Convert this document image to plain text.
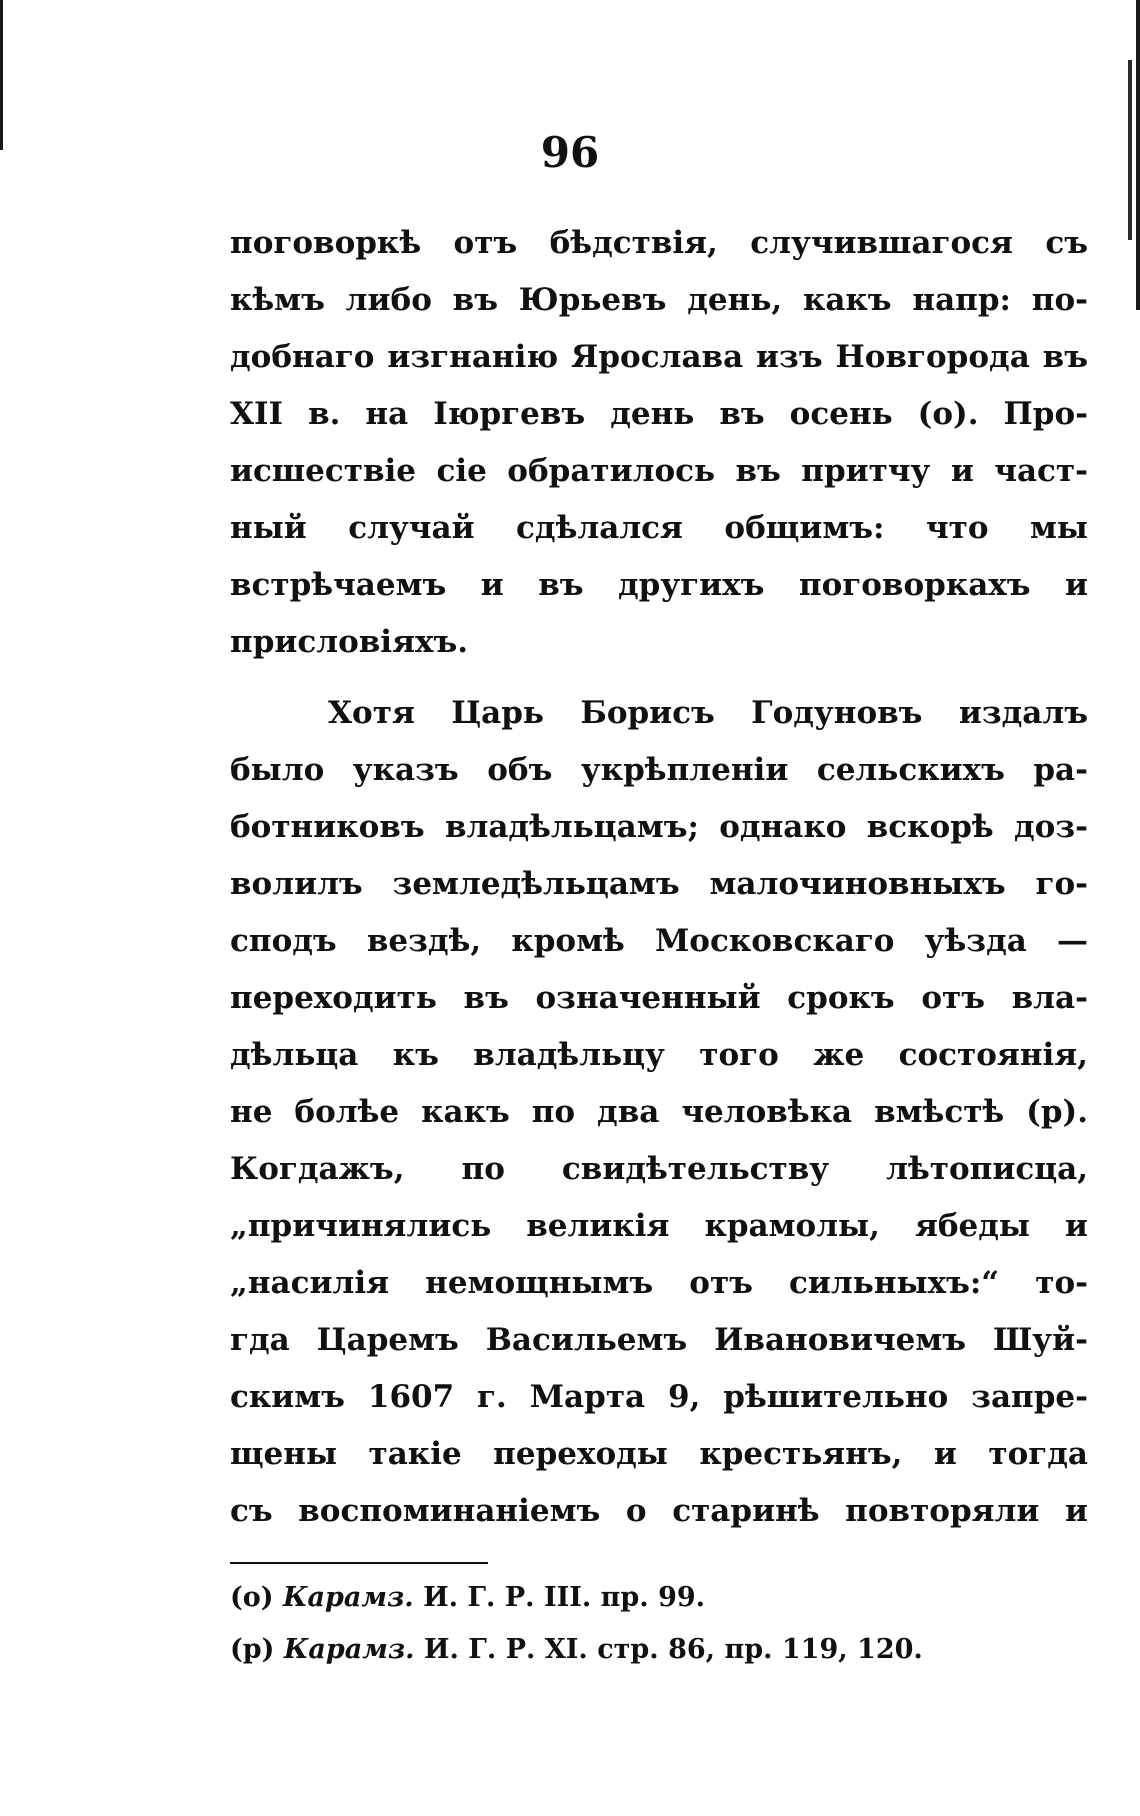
96
поговоркѣ отъ бѣдствія, случившагося съ
кѣмъ либо въ Юрьевъ день, какъ напр: по-
добнаго изгнанію Ярослава изъ Новгорода въ
XII в. на Іюргевъ день въ осень (о). Про-
исшествіе сіе обратилось въ притчу и част-
ный случай сдѣлался общимъ: что мы
встрѣчаемъ и въ другихъ поговоркахъ и
присловіяхъ.
Хотя Царь Борисъ Годуновъ издалъ
было указъ объ укрѣпленіи сельскихъ ра-
ботниковъ владѣльцамъ; однако вскорѣ доз-
волилъ земледѣльцамъ малочиновныхъ го-
сподъ вездѣ, кромѣ Московскаго уѣзда —
переходить въ означенный срокъ отъ вла-
дѣльца къ владѣльцу того же состоянія,
не болѣе какъ по два человѣка вмѣстѣ (р).
Когдажъ, по свидѣтельству лѣтописца,
„причинялись великія крамолы, ябеды и
„насилія немощнымъ отъ сильныхъ:“ то-
гда Царемъ Васильемъ Ивановичемъ Шуй-
скимъ 1607 г. Марта 9, рѣшительно запре-
щены такіе переходы крестьянъ, и тогда
съ воспоминаніемъ о старинѣ повторяли и
(о) Карамз. И. Г. Р. III. пр. 99.
(р) Карамз. И. Г. Р. XI. стр. 86, пр. 119, 120.
